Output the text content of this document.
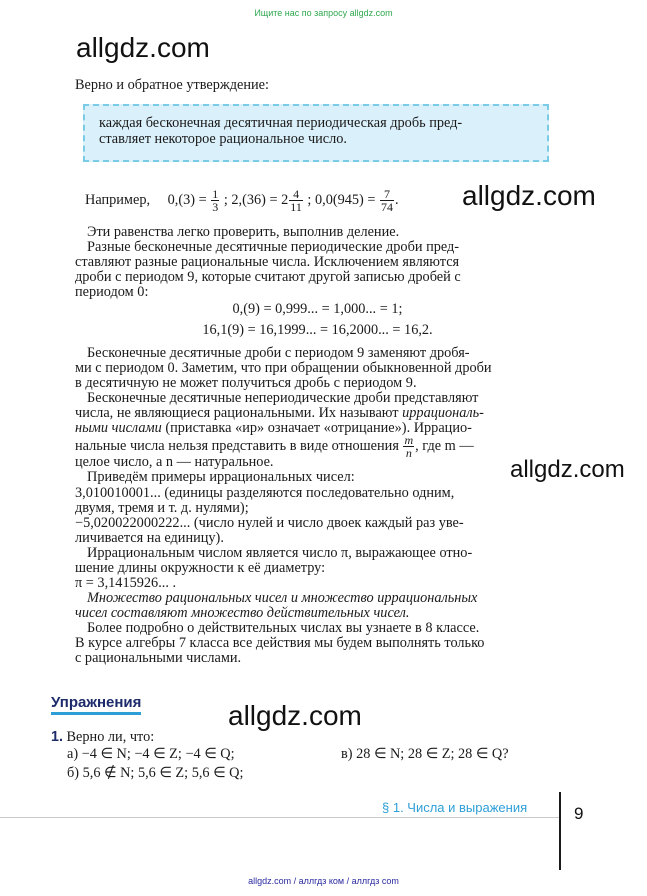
Ищите нас по запросу allgdz.com
allgdz.com
allgdz.com
allgdz.com
allgdz.com
Верно и обратное утверждение:
каждая бесконечная десятичная периодическая дробь пред-
ставляет некоторое рациональное число.
Например, $0,(3) = \frac{1}{3}$ ; $2,(36) = 2 \frac{4}{11}$ ; $0,0(945) = \frac{7}{74}$ .
Эти равенства легко проверить, выполнив деление.
Разные бесконечные десятичные периодические дроби пред-
ставляют разные рациональные числа. Исключением являются
дроби с периодом 9, которые считают другой записью дробей с
периодом 0:
0,(9) = 0,999... = 1,000... = 1;
16,1(9) = 16,1999... = 16,2000... = 16,2.
Бесконечные десятичные дроби с периодом 9 заменяют дробя-
ми с периодом 0. Заметим, что при обращении обыкновенной дроби
в десятичную не может получиться дробь с периодом 9.
Бесконечные десятичные непериодические дроби представляют
числа, не являющиеся рациональными. Их называют иррациональ-
ными числами (приставка «ир» означает «отрицание»). Иррацио-
нальные числа нельзя представить в виде отношения $\frac{m}{n}$ , где m —
целое число, а n — натуральное.
Приведём примеры иррациональных чисел:
3,010010001... (единицы разделяются последовательно одним,
двумя, тремя и т. д. нулями);
−5,020022000222... (число нулей и число двоек каждый раз уве-
личивается на единицу).
Иррациональным числом является число π, выражающее отно-
шение длины окружности к её диаметру:
π = 3,1415926... .
Множество рациональных чисел и множество иррациональных
чисел составляют множество действительных чисел.
Более подробно о действительных числах вы узнаете в 8 классе.
В курсе алгебры 7 класса все действия мы будем выполнять только
с рациональными числами.
Упражнения
1. Верно ли, что:
а) −4 ∈ N; −4 ∈ Z; −4 ∈ Q;
б) 5,6 ∉ N; 5,6 ∈ Z; 5,6 ∈ Q;
в) 28 ∈ N; 28 ∈ Z; 28 ∈ Q?
§ 1. Числа и выражения	9
allgdz.com / аллгдз ком / аллгдз com
